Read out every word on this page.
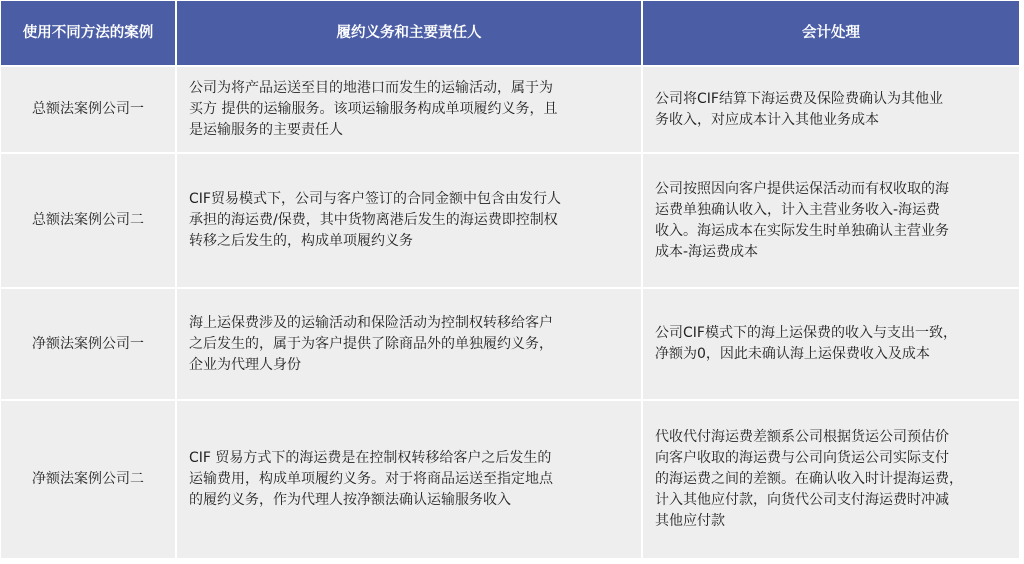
使用不同方法的案例	履约义务和主要责任人	会计处理
总额法案例公司一
公司为将产品运送至目的地港口而发生的运输活动，属于为
买方 提供的运输服务。该项运输服务构成单项履约义务，且
是运输服务的主要责任人
公司将CIF结算下海运费及保险费确认为其他业
务收入，对应成本计入其他业务成本
总额法案例公司二
CIF贸易模式下，公司与客户签订的合同金额中包含由发行人
承担的海运费/保费，其中货物离港后发生的海运费即控制权
转移之后发生的，构成单项履约义务
公司按照因向客户提供运保活动而有权收取的海
运费单独确认收入，计入主营业务收入-海运费
收入。海运成本在实际发生时单独确认主营业务
成本-海运费成本
净额法案例公司一
海上运保费涉及的运输活动和保险活动为控制权转移给客户
之后发生的，属于为客户提供了除商品外的单独履约义务，
企业为代理人身份
公司CIF模式下的海上运保费的收入与支出一致，
净额为0，因此未确认海上运保费收入及成本
净额法案例公司二
CIF 贸易方式下的海运费是在控制权转移给客户之后发生的
运输费用，构成单项履约义务。对于将商品运送至指定地点
的履约义务，作为代理人按净额法确认运输服务收入
代收代付海运费差额系公司根据货运公司预估价
向客户收取的海运费与公司向货运公司实际支付
的海运费之间的差额。在确认收入时计提海运费，
计入其他应付款，向货代公司支付海运费时冲减
其他应付款
